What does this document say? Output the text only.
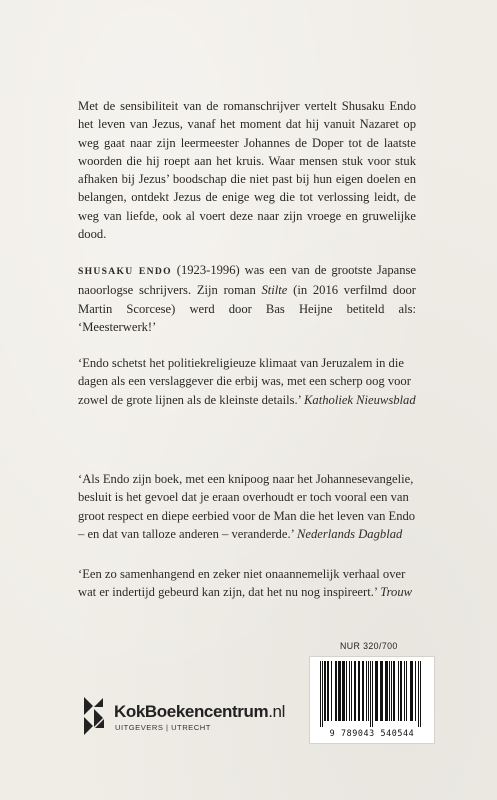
Met de sensibiliteit van de romanschrijver vertelt Shusaku Endo het leven van Jezus, vanaf het moment dat hij vanuit Nazaret op weg gaat naar zijn leermeester Johannes de Doper tot de laatste woorden die hij roept aan het kruis. Waar mensen stuk voor stuk afhaken bij Jezus’ boodschap die niet past bij hun eigen doelen en belangen, ontdekt Jezus de enige weg die tot verlossing leidt, de weg van liefde, ook al voert deze naar zijn vroege en gruwelijke dood.

SHUSAKU ENDO (1923-1996) was een van de grootste Japanse naoorlogse schrijvers. Zijn roman Stilte (in 2016 verfilmd door Martin Scorcese) werd door Bas Heijne betiteld als: ‘Meesterwerk!’

‘Endo schetst het politiekreligieuze klimaat van Jeruzalem in die dagen als een verslaggever die erbij was, met een scherp oog voor zowel de grote lijnen als de kleinste details.’ Katholiek Nieuwsblad

‘Als Endo zijn boek, met een knipoog naar het Johannesevangelie, besluit is het gevoel dat je eraan overhoudt er toch vooral een van groot respect en diepe eerbied voor de Man die het leven van Endo – en dat van talloze anderen – veranderde.’ Nederlands Dagblad

‘Een zo samenhangend en zeker niet onaannemelijk verhaal over wat er indertijd gebeurd kan zijn, dat het nu nog inspireert.’ Trouw

NUR 320/700
9 789043 540544
KokBoekencentrum.nl
UITGEVERS | UTRECHT
